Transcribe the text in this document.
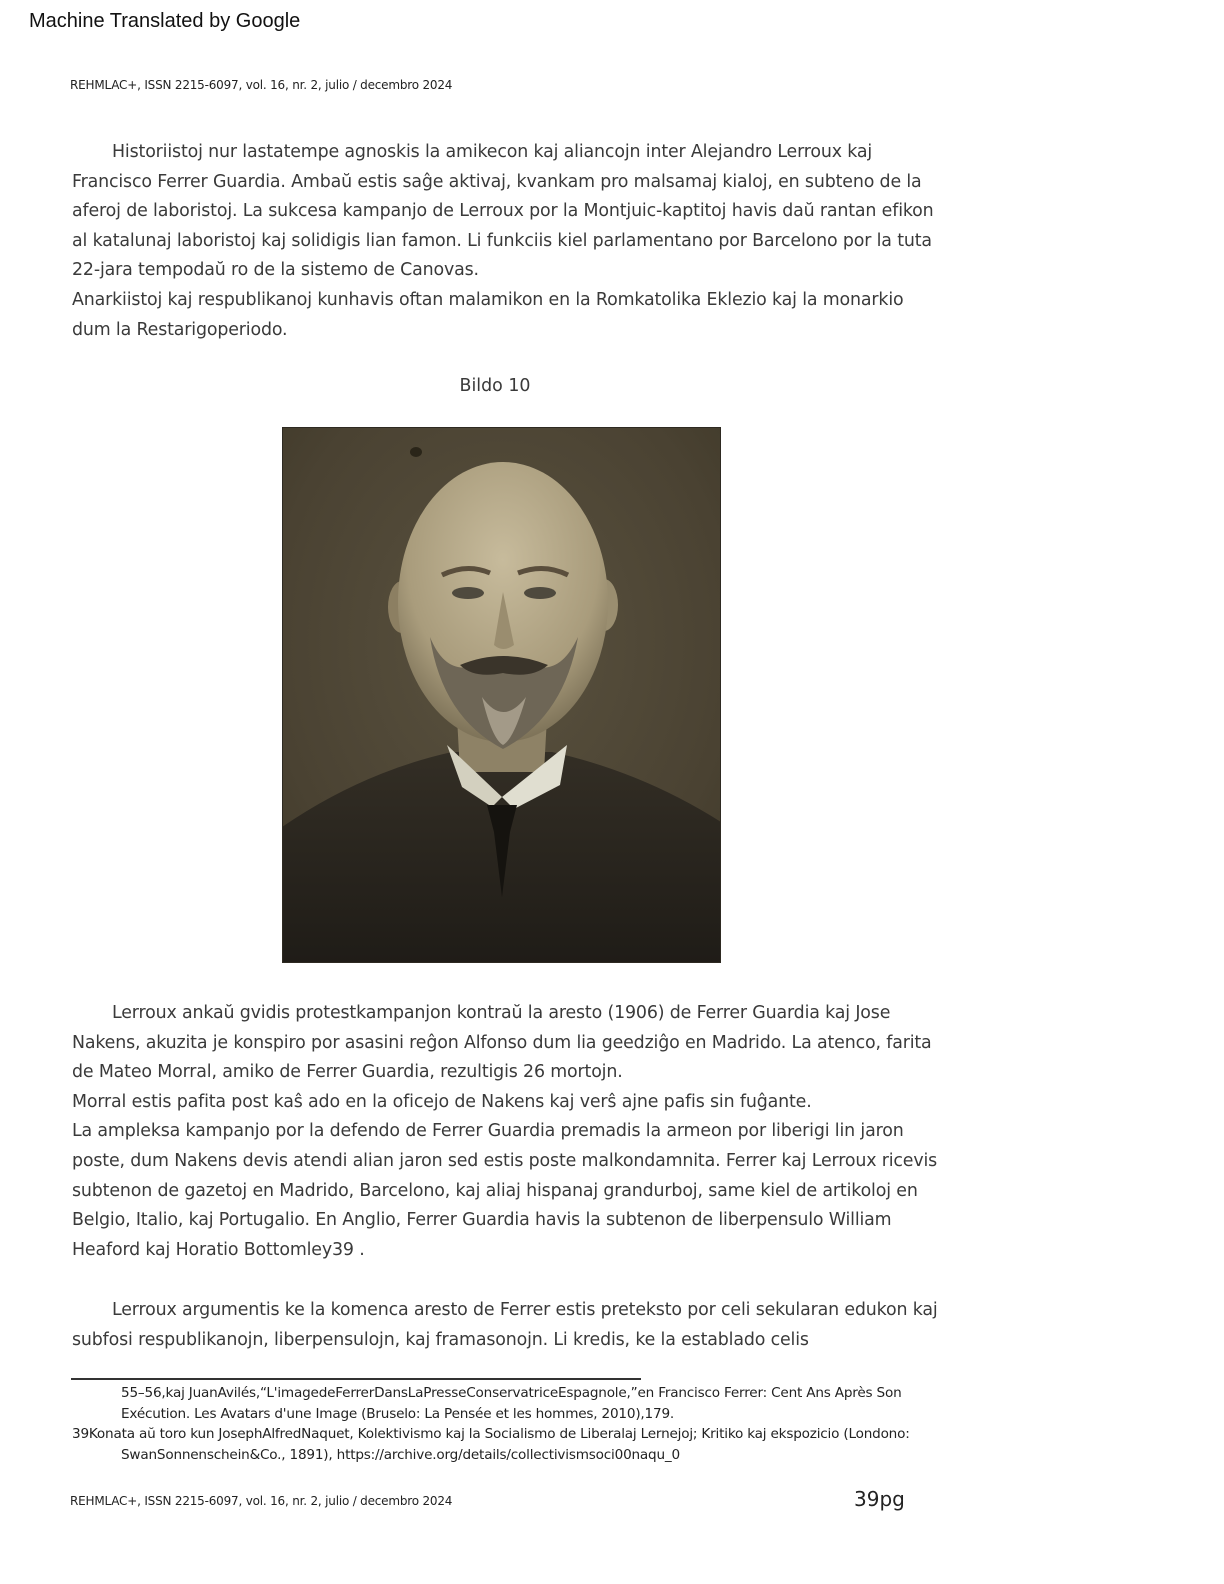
Machine Translated by Google
REHMLAC+, ISSN 2215-6097, vol. 16, nr. 2, julio / decembro 2024

Historiistoj nur lastatempe agnoskis la amikecon kaj aliancojn inter Alejandro Lerroux kaj Francisco Ferrer Guardia. Ambaŭ estis saĝe aktivaj, kvankam pro malsamaj kialoj, en subteno de la aferoj de laboristoj. La sukcesa kampanjo de Lerroux por la Montjuic-kaptitoj havis daŭ rantan efikon al katalunaj laboristoj kaj solidigis lian famon. Li funkciis kiel parlamentano por Barcelono por la tuta 22-jara tempodaŭ ro de la sistemo de Canovas.

Anarkiistoj kaj respublikanoj kunhavis oftan malamikon en la Romkatolika Eklezio kaj la monarkio dum la Restarigoperiodo.

Bildo 10

Lerroux ankaŭ gvidis protestkampanjon kontraŭ la aresto (1906) de Ferrer Guardia kaj Jose Nakens, akuzita je konspiro por asasini reĝon Alfonso dum lia geedziĝo en Madrido. La atenco, farita de Mateo Morral, amiko de Ferrer Guardia, rezultigis 26 mortojn.

Morral estis pafita post kaŝ ado en la oficejo de Nakens kaj verŝ ajne pafis sin fuĝante.

La ampleksa kampanjo por la defendo de Ferrer Guardia premadis la armeon por liberigi lin jaron poste, dum Nakens devis atendi alian jaron sed estis poste malkondamnita. Ferrer kaj Lerroux ricevis subtenon de gazetoj en Madrido, Barcelono, kaj aliaj hispanaj grandurboj, same kiel de artikoloj en Belgio, Italio, kaj Portugalio. En Anglio, Ferrer Guardia havis la subtenon de liberpensulo William Heaford kaj Horatio Bottomley39 .

Lerroux argumentis ke la komenca aresto de Ferrer estis preteksto por celi sekularan edukon kaj subfosi respublikanojn, liberpensulojn, kaj framasonojn. Li kredis, ke la establado celis

55–56,kaj JuanAvilés,“L'imagedeFerrerDansLaPresseConservatriceEspagnole,”en Francisco Ferrer: Cent Ans Après Son Exécution. Les Avatars d'une Image (Bruselo: La Pensée et les hommes, 2010),179.

39Konata aŭ toro kun JosephAlfredNaquet, Kolektivismo kaj la Socialismo de Liberalaj Lernejoj; Kritiko kaj ekspozicio (Londono: SwanSonnenschein&Co., 1891), https://archive.org/details/collectivismsoci00naqu_0

REHMLAC+, ISSN 2215-6097, vol. 16, nr. 2, julio / decembro 2024	39pg
